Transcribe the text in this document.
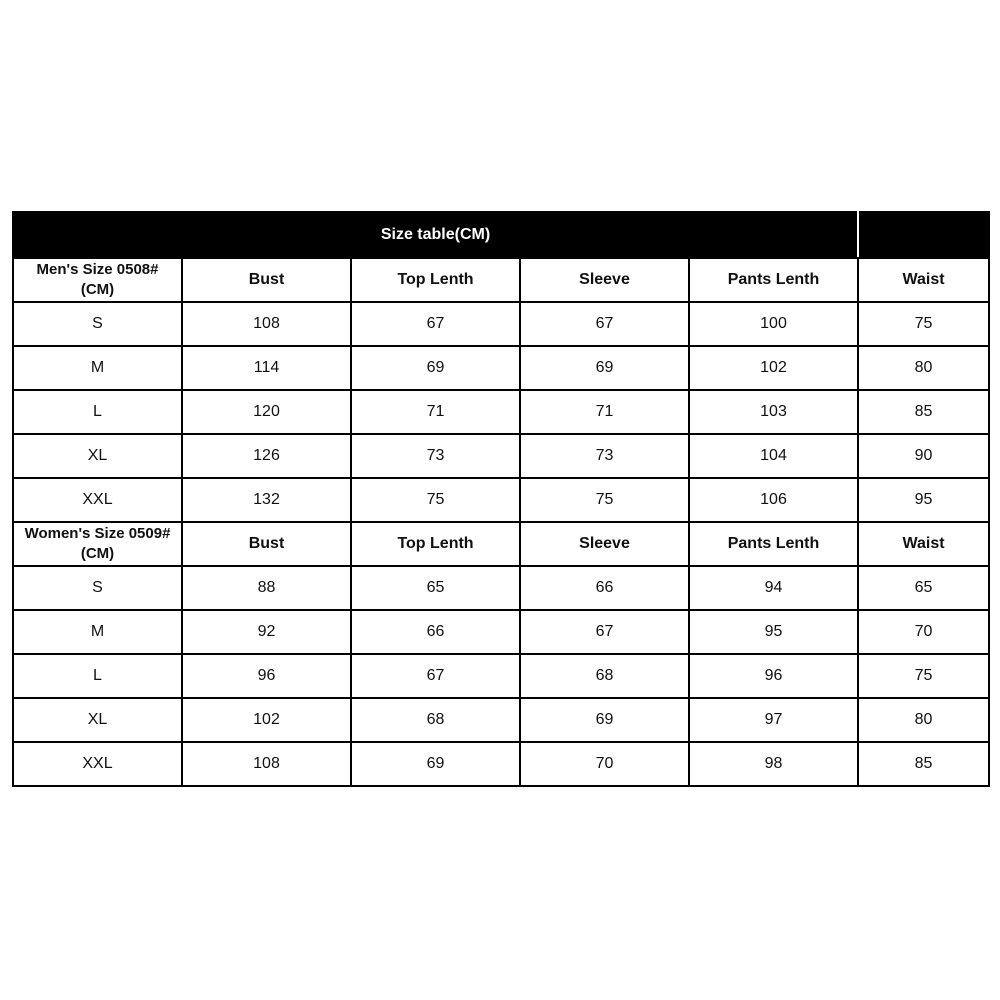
Size table(CM)					

Men's Size 0508#
(CM)	Bust	Top Lenth	Sleeve	Pants Lenth	Waist
S	108	67	67	100	75
M	114	69	69	102	80
L	120	71	71	103	85
XL	126	73	73	104	90
XXL	132	75	75	106	95

Women's Size 0509#
(CM)	Bust	Top Lenth	Sleeve	Pants Lenth	Waist
S	88	65	66	94	65
M	92	66	67	95	70
L	96	67	68	96	75
XL	102	68	69	97	80
XXL	108	69	70	98	85
